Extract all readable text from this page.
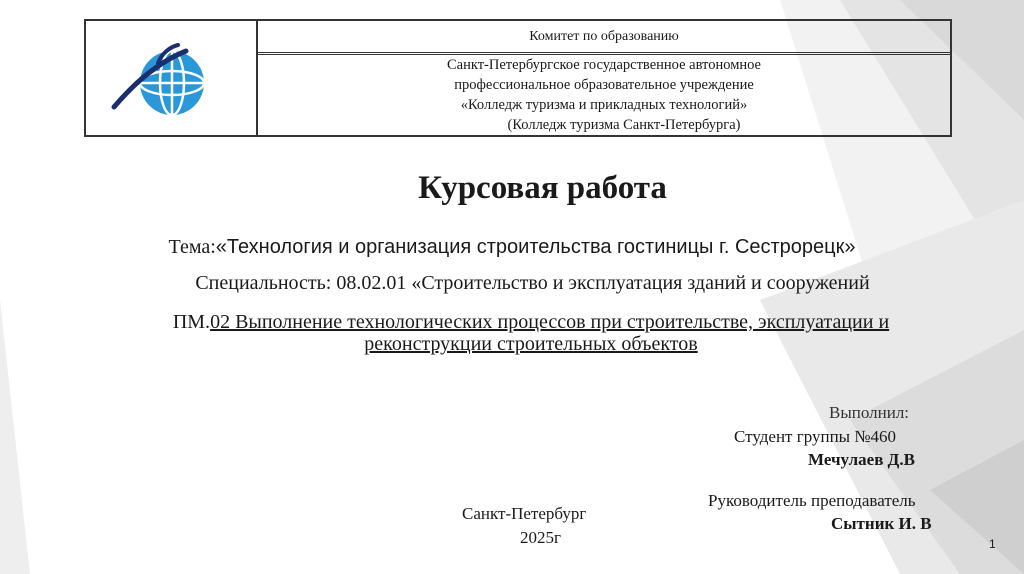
Комитет по образованию
Санкт-Петербургское государственное автономное
профессиональное образовательное учреждение
«Колледж туризма и прикладных технологий»
(Колледж туризма Санкт-Петербурга)
Курсовая работа
Тема:«Технология и организация строительства гостиницы г. Сестрорецк»
Специальность: 08.02.01 «Строительство и эксплуатация зданий и сооружений
ПМ.02 Выполнение технологических процессов при строительстве, эксплуатации и
реконструкции строительных объектов
Выполнил:
Студент группы №460
Мечулаев Д.В
Руководитель преподаватель
Сытник И. В
Санкт-Петербург
2025г	1
